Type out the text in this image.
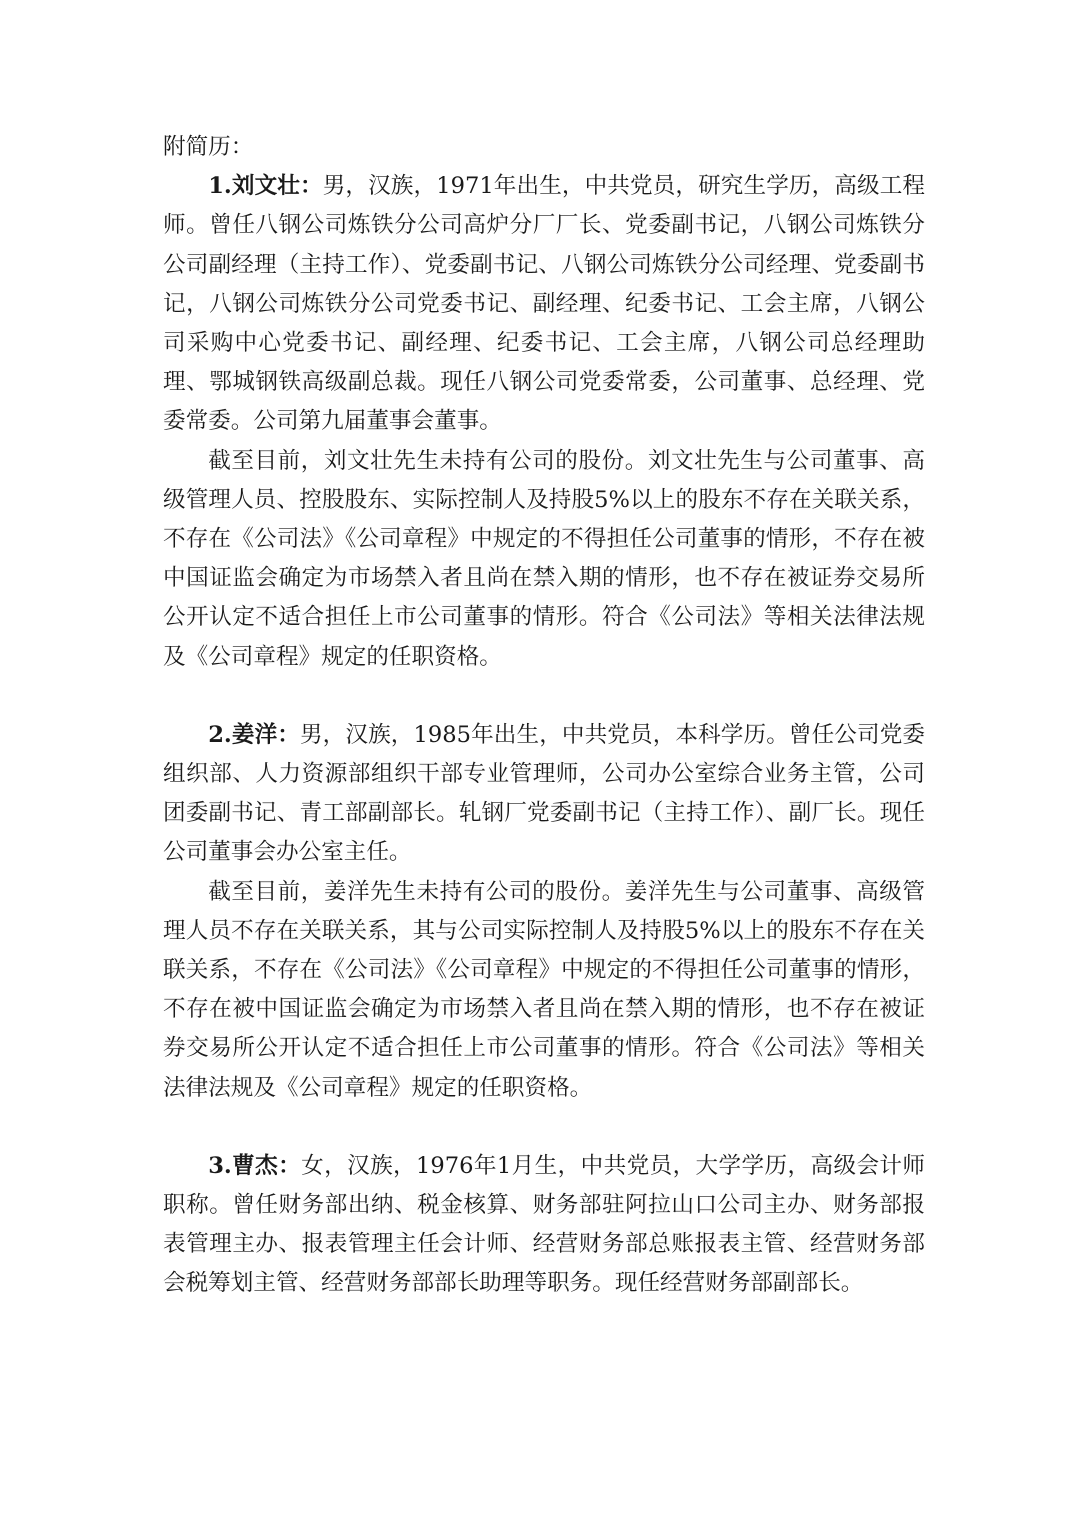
附简历：

1.刘文壮：男，汉族，1971年出生，中共党员，研究生学历，高级工程师。曾任八钢公司炼铁分公司高炉分厂厂长、党委副书记，八钢公司炼铁分公司副经理（主持工作）、党委副书记、八钢公司炼铁分公司经理、党委副书记，八钢公司炼铁分公司党委书记、副经理、纪委书记、工会主席，八钢公司采购中心党委书记、副经理、纪委书记、工会主席，八钢公司总经理助理、鄂城钢铁高级副总裁。现任八钢公司党委常委，公司董事、总经理、党委常委。公司第九届董事会董事。

截至目前，刘文壮先生未持有公司的股份。刘文壮先生与公司董事、高级管理人员、控股股东、实际控制人及持股5%以上的股东不存在关联关系，不存在《公司法》《公司章程》中规定的不得担任公司董事的情形，不存在被中国证监会确定为市场禁入者且尚在禁入期的情形，也不存在被证券交易所公开认定不适合担任上市公司董事的情形。符合《公司法》等相关法律法规及《公司章程》规定的任职资格。

2.姜洋：男，汉族，1985年出生，中共党员，本科学历。曾任公司党委组织部、人力资源部组织干部专业管理师，公司办公室综合业务主管，公司团委副书记、青工部副部长。轧钢厂党委副书记（主持工作）、副厂长。现任公司董事会办公室主任。

截至目前，姜洋先生未持有公司的股份。姜洋先生与公司董事、高级管理人员不存在关联关系，其与公司实际控制人及持股5%以上的股东不存在关联关系，不存在《公司法》《公司章程》中规定的不得担任公司董事的情形，不存在被中国证监会确定为市场禁入者且尚在禁入期的情形，也不存在被证券交易所公开认定不适合担任上市公司董事的情形。符合《公司法》等相关法律法规及《公司章程》规定的任职资格。

3.曹杰：女，汉族，1976年1月生，中共党员，大学学历，高级会计师职称。曾任财务部出纳、税金核算、财务部驻阿拉山口公司主办、财务部报表管理主办、报表管理主任会计师、经营财务部总账报表主管、经营财务部会税筹划主管、经营财务部部长助理等职务。现任经营财务部副部长。
